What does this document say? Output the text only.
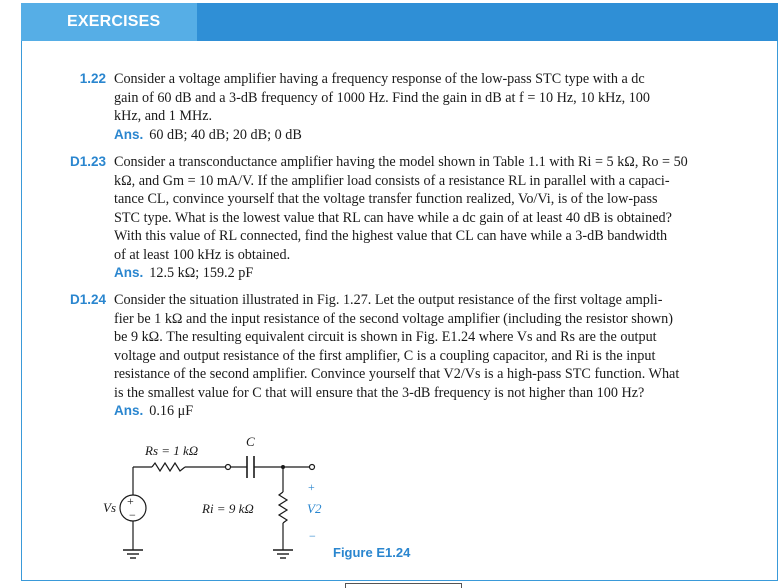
EXERCISES
1.22 Consider a voltage amplifier having a frequency response of the low-pass STC type with a dc
gain of 60 dB and a 3-dB frequency of 1000 Hz. Find the gain in dB at f = 10 Hz, 10 kHz, 100
kHz, and 1 MHz.
Ans. 60 dB; 40 dB; 20 dB; 0 dB
D1.23 Consider a transconductance amplifier having the model shown in Table 1.1 with Ri = 5 kΩ, Ro = 50
kΩ, and Gm = 10 mA/V. If the amplifier load consists of a resistance RL in parallel with a capaci-
tance CL, convince yourself that the voltage transfer function realized, Vo/Vi, is of the low-pass
STC type. What is the lowest value that RL can have while a dc gain of at least 40 dB is obtained?
With this value of RL connected, find the highest value that CL can have while a 3-dB bandwidth
of at least 100 kHz is obtained.
Ans. 12.5 kΩ; 159.2 pF
D1.24 Consider the situation illustrated in Fig. 1.27. Let the output resistance of the first voltage ampli-
fier be 1 kΩ and the input resistance of the second voltage amplifier (including the resistor shown)
be 9 kΩ. The resulting equivalent circuit is shown in Fig. E1.24 where Vs and Rs are the output
voltage and output resistance of the first amplifier, C is a coupling capacitor, and Ri is the input
resistance of the second amplifier. Convince yourself that V2/Vs is a high-pass STC function. What
is the smallest value for C that will ensure that the 3-dB frequency is not higher than 100 Hz?
Ans. 0.16 μF
+
−
Vs
Rs = 1 kΩ
C
Ri = 9 kΩ
+
V2
−
Figure E1.24
